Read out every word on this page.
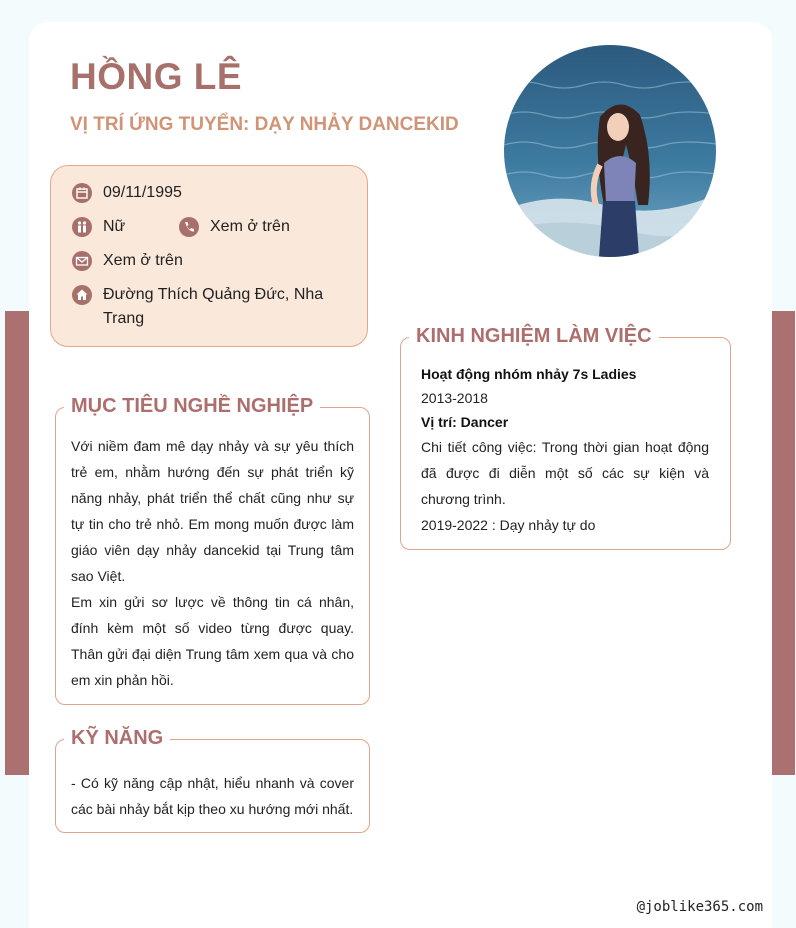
HỒNG LÊ
VỊ TRÍ ỨNG TUYỂN: DẠY NHẢY DANCEKID
09/11/1995
Nữ	Xem ở trên
Xem ở trên
Đường Thích Quảng Đức, Nha Trang
MỤC TIÊU NGHỀ NGHIỆP

Với niềm đam mê dạy nhảy và sự yêu thích trẻ em, nhằm hướng đến sự phát triển kỹ năng nhảy, phát triển thể chất cũng như sự tự tin cho trẻ nhỏ. Em mong muốn được làm giáo viên dạy nhảy dancekid tại Trung tâm sao Việt.

Em xin gửi sơ lược về thông tin cá nhân, đính kèm một số video từng được quay. Thân gửi đại diện Trung tâm xem qua và cho em xin phản hồi.

KỸ NĂNG

- Có kỹ năng cập nhật, hiểu nhanh và cover các bài nhảy bắt kịp theo xu hướng mới nhất.

KINH NGHIỆM LÀM VIỆC

Hoạt động nhóm nhảy 7s Ladies

2013-2018

Vị trí: Dancer

Chi tiết công việc: Trong thời gian hoạt động đã được đi diễn một số các sự kiện và chương trình.

2019-2022 : Dạy nhảy tự do

@joblike365.com
